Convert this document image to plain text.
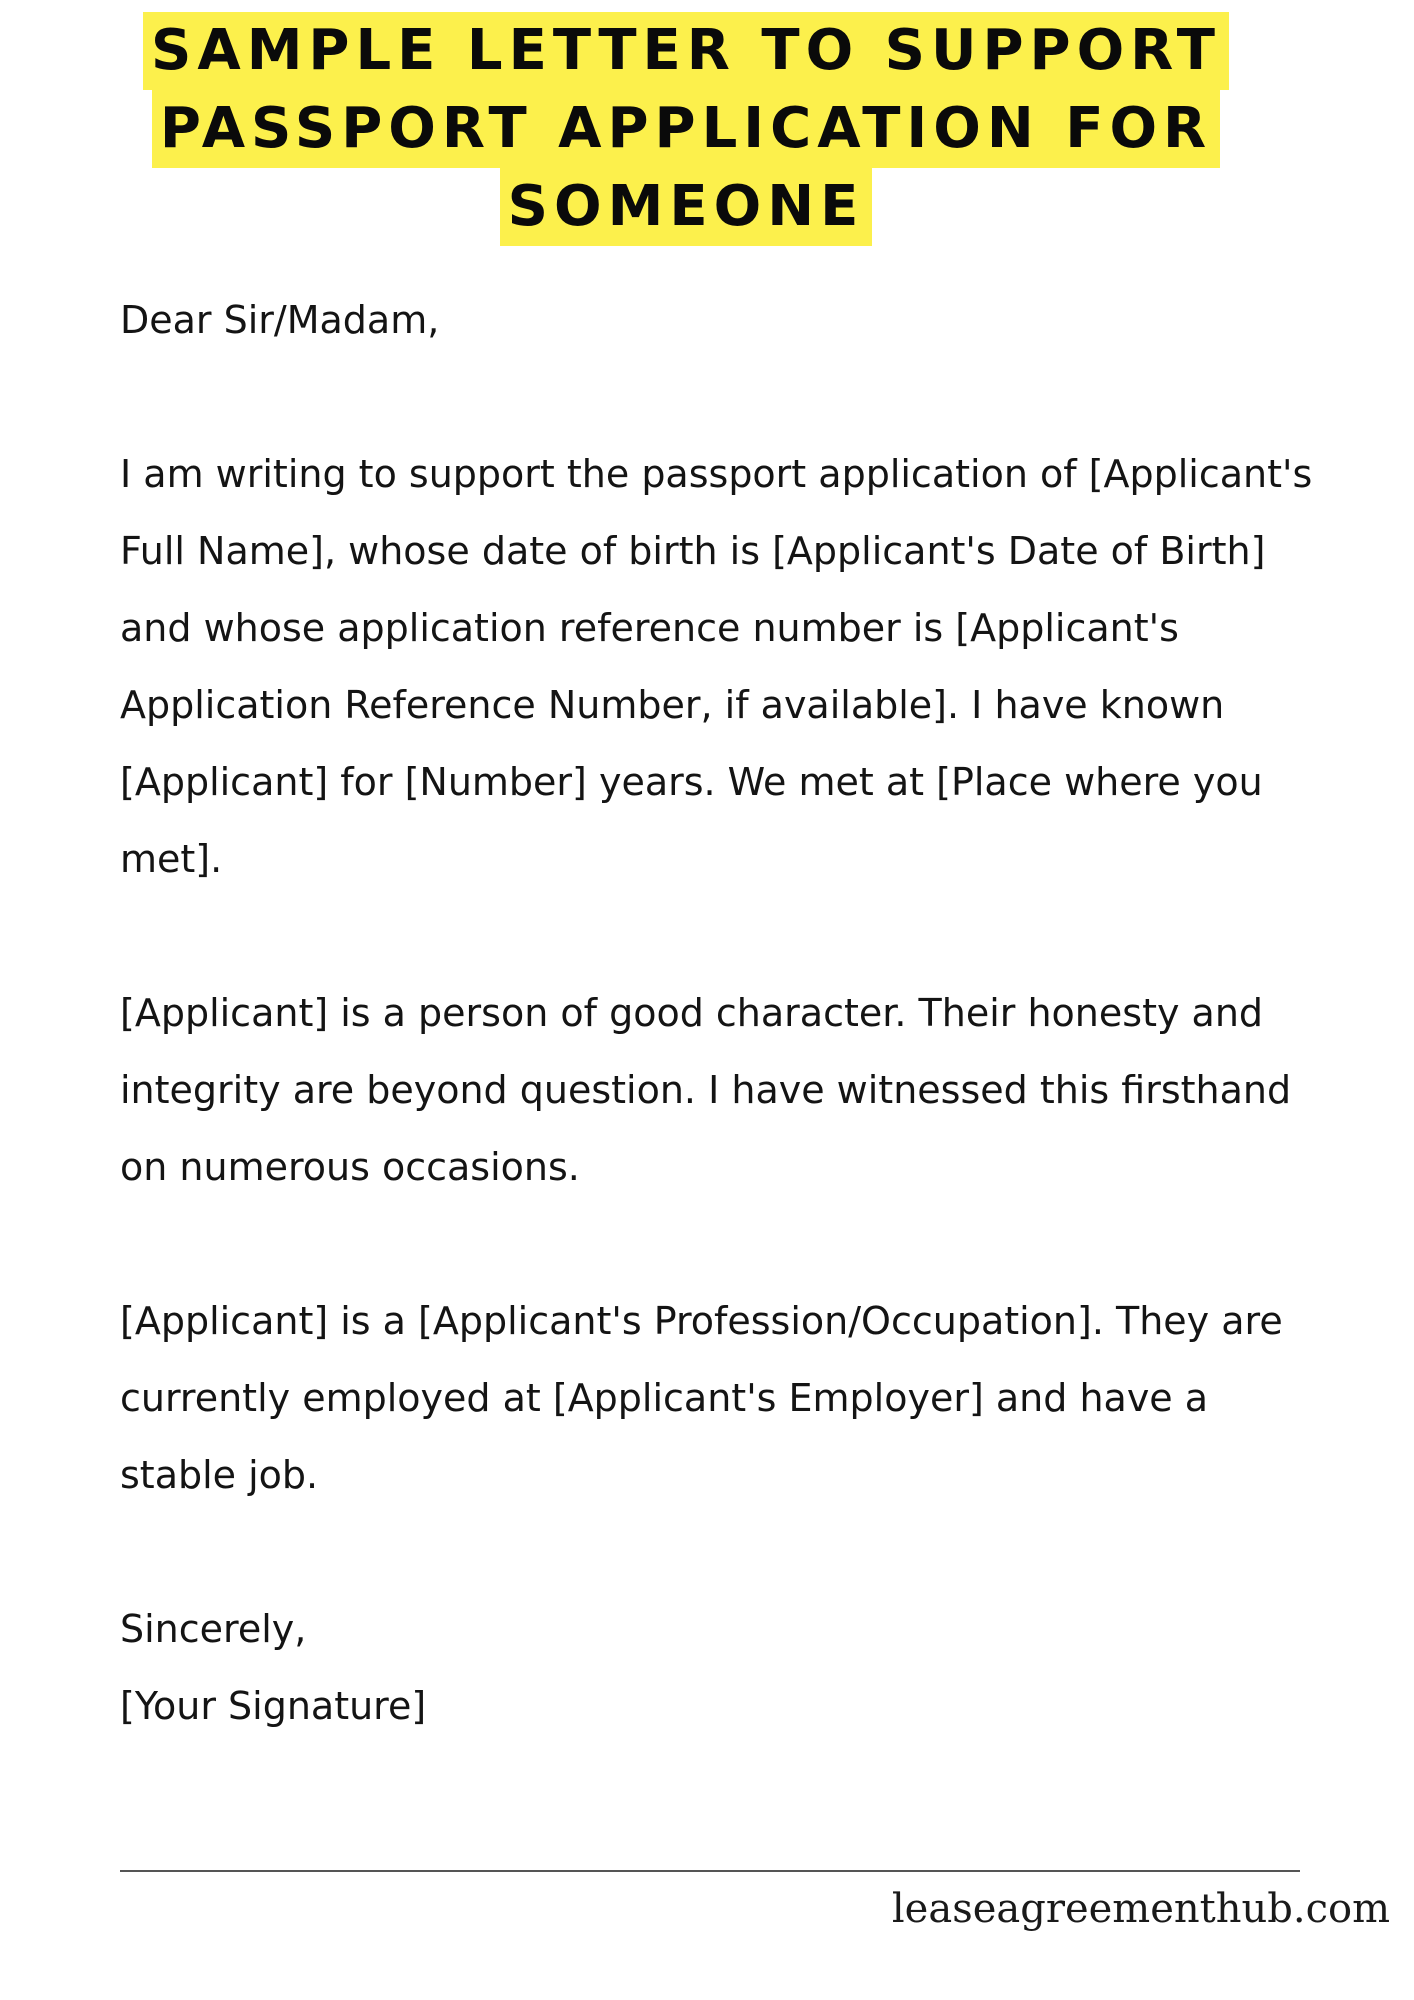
SAMPLE LETTER TO SUPPORT
PASSPORT APPLICATION FOR
SOMEONE

Dear Sir/Madam,

I am writing to support the passport application of [Applicant's Full Name], whose date of birth is [Applicant's Date of Birth] and whose application reference number is [Applicant's Application Reference Number, if available]. I have known [Applicant] for [Number] years. We met at [Place where you met].

[Applicant] is a person of good character. Their honesty and integrity are beyond question. I have witnessed this firsthand on numerous occasions.

[Applicant] is a [Applicant's Profession/Occupation]. They are currently employed at [Applicant's Employer] and have a stable job.

Sincerely,

[Your Signature]

leaseagreementhub.com
